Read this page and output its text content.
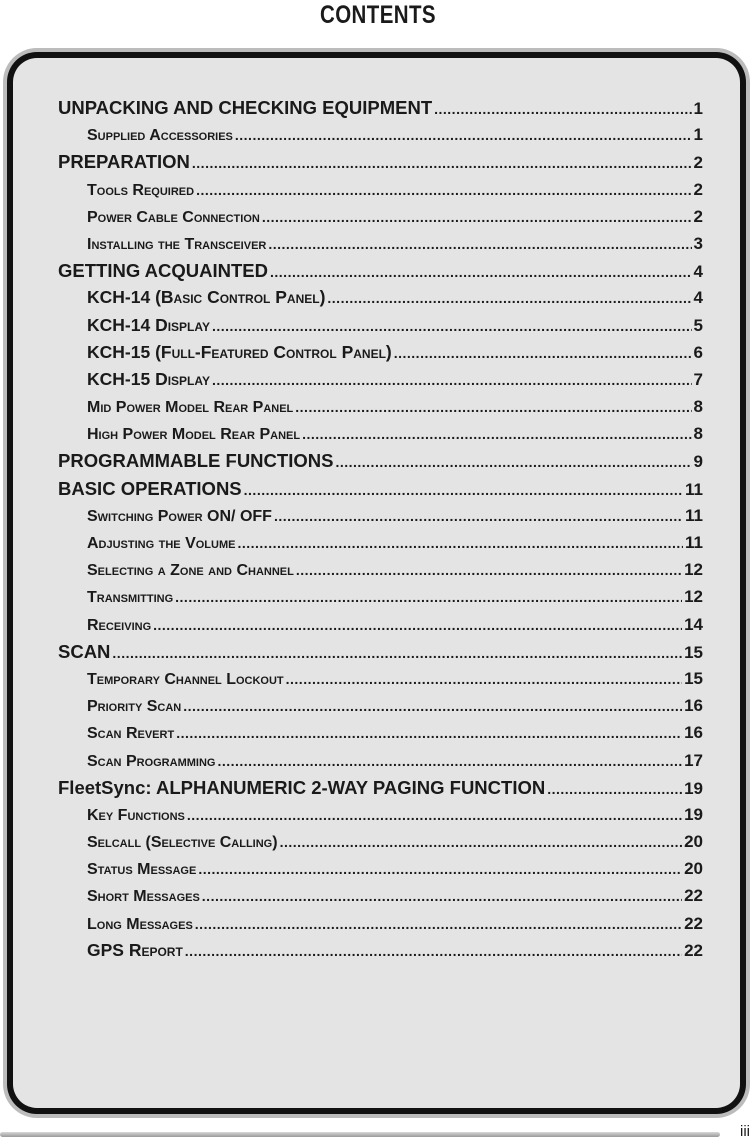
CONTENTS
UNPACKING AND CHECKING EQUIPMENT .....	1
Supplied Accessories .....	1
PREPARATION .....	2
Tools Required .....	2
Power Cable Connection .....	2
Installing the Transceiver .....	3
GETTING ACQUAINTED .....	4
KCH-14 (Basic Control Panel) .....	4
KCH-14 Display .....	5
KCH-15 (Full-Featured Control Panel) .....	6
KCH-15 Display .....	7
Mid Power Model Rear Panel .....	8
High Power Model Rear Panel .....	8
PROGRAMMABLE FUNCTIONS .....	9
BASIC OPERATIONS .....	11
Switching Power ON/ OFF .....	11
Adjusting the Volume .....	11
Selecting a Zone and Channel .....	12
Transmitting .....	12
Receiving .....	14
SCAN .....	15
Temporary Channel Lockout .....	15
Priority Scan .....	16
Scan Revert .....	16
Scan Programming .....	17
FleetSync: ALPHANUMERIC 2-WAY PAGING FUNCTION .....	19
Key Functions .....	19
Selcall (Selective Calling) .....	20
Status Message .....	20
Short Messages .....	22
Long Messages .....	22
GPS Report .....	22
iii
